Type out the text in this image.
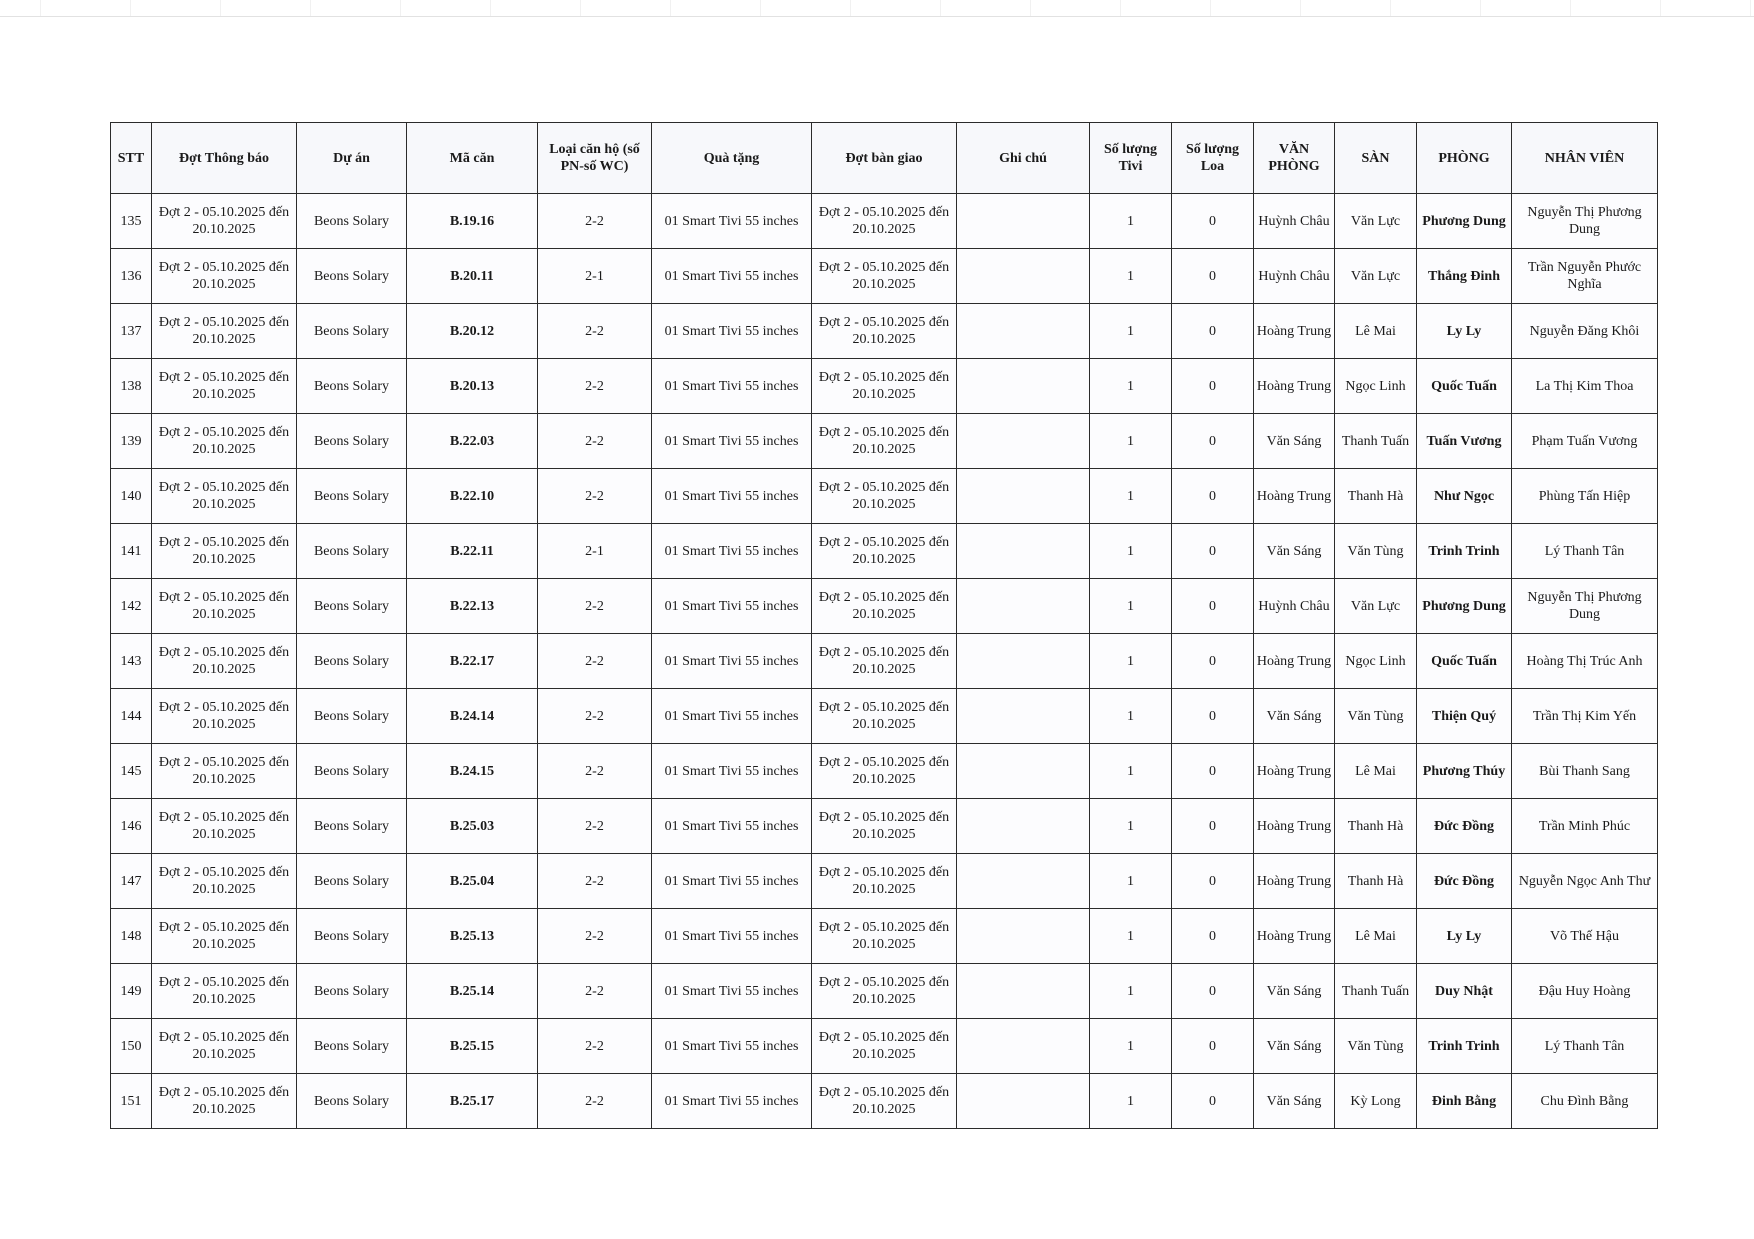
STT	Đợt Thông báo	Dự án	Mã căn	Loại căn hộ (số PN-số WC)	Quà tặng	Đợt bàn giao	Ghi chú	Số lượng Tivi	Số lượng Loa	VĂN PHÒNG	SÀN	PHÒNG	NHÂN VIÊN
135	Đợt 2 - 05.10.2025 đến 20.10.2025	Beons Solary	B.19.16	2-2	01 Smart Tivi 55 inches	Đợt 2 - 05.10.2025 đến 20.10.2025		1	0	Huỳnh Châu	Văn Lực	Phương Dung	Nguyễn Thị Phương Dung
136	Đợt 2 - 05.10.2025 đến 20.10.2025	Beons Solary	B.20.11	2-1	01 Smart Tivi 55 inches	Đợt 2 - 05.10.2025 đến 20.10.2025		1	0	Huỳnh Châu	Văn Lực	Thắng Đinh	Trần Nguyễn Phước Nghĩa
137	Đợt 2 - 05.10.2025 đến 20.10.2025	Beons Solary	B.20.12	2-2	01 Smart Tivi 55 inches	Đợt 2 - 05.10.2025 đến 20.10.2025		1	0	Hoàng Trung	Lê Mai	Ly Ly	Nguyễn Đăng Khôi
138	Đợt 2 - 05.10.2025 đến 20.10.2025	Beons Solary	B.20.13	2-2	01 Smart Tivi 55 inches	Đợt 2 - 05.10.2025 đến 20.10.2025		1	0	Hoàng Trung	Ngọc Linh	Quốc Tuấn	La Thị Kim Thoa
139	Đợt 2 - 05.10.2025 đến 20.10.2025	Beons Solary	B.22.03	2-2	01 Smart Tivi 55 inches	Đợt 2 - 05.10.2025 đến 20.10.2025		1	0	Văn Sáng	Thanh Tuấn	Tuấn Vương	Phạm Tuấn Vương
140	Đợt 2 - 05.10.2025 đến 20.10.2025	Beons Solary	B.22.10	2-2	01 Smart Tivi 55 inches	Đợt 2 - 05.10.2025 đến 20.10.2025		1	0	Hoàng Trung	Thanh Hà	Như Ngọc	Phùng Tấn Hiệp
141	Đợt 2 - 05.10.2025 đến 20.10.2025	Beons Solary	B.22.11	2-1	01 Smart Tivi 55 inches	Đợt 2 - 05.10.2025 đến 20.10.2025		1	0	Văn Sáng	Văn Tùng	Trinh Trinh	Lý Thanh Tân
142	Đợt 2 - 05.10.2025 đến 20.10.2025	Beons Solary	B.22.13	2-2	01 Smart Tivi 55 inches	Đợt 2 - 05.10.2025 đến 20.10.2025		1	0	Huỳnh Châu	Văn Lực	Phương Dung	Nguyễn Thị Phương Dung
143	Đợt 2 - 05.10.2025 đến 20.10.2025	Beons Solary	B.22.17	2-2	01 Smart Tivi 55 inches	Đợt 2 - 05.10.2025 đến 20.10.2025		1	0	Hoàng Trung	Ngọc Linh	Quốc Tuấn	Hoàng Thị Trúc Anh
144	Đợt 2 - 05.10.2025 đến 20.10.2025	Beons Solary	B.24.14	2-2	01 Smart Tivi 55 inches	Đợt 2 - 05.10.2025 đến 20.10.2025		1	0	Văn Sáng	Văn Tùng	Thiện Quý	Trần Thị Kim Yến
145	Đợt 2 - 05.10.2025 đến 20.10.2025	Beons Solary	B.24.15	2-2	01 Smart Tivi 55 inches	Đợt 2 - 05.10.2025 đến 20.10.2025		1	0	Hoàng Trung	Lê Mai	Phương Thúy	Bùi Thanh Sang
146	Đợt 2 - 05.10.2025 đến 20.10.2025	Beons Solary	B.25.03	2-2	01 Smart Tivi 55 inches	Đợt 2 - 05.10.2025 đến 20.10.2025		1	0	Hoàng Trung	Thanh Hà	Đức Đồng	Trần Minh Phúc
147	Đợt 2 - 05.10.2025 đến 20.10.2025	Beons Solary	B.25.04	2-2	01 Smart Tivi 55 inches	Đợt 2 - 05.10.2025 đến 20.10.2025		1	0	Hoàng Trung	Thanh Hà	Đức Đồng	Nguyễn Ngọc Anh Thư
148	Đợt 2 - 05.10.2025 đến 20.10.2025	Beons Solary	B.25.13	2-2	01 Smart Tivi 55 inches	Đợt 2 - 05.10.2025 đến 20.10.2025		1	0	Hoàng Trung	Lê Mai	Ly Ly	Võ Thế Hậu
149	Đợt 2 - 05.10.2025 đến 20.10.2025	Beons Solary	B.25.14	2-2	01 Smart Tivi 55 inches	Đợt 2 - 05.10.2025 đến 20.10.2025		1	0	Văn Sáng	Thanh Tuấn	Duy Nhật	Đậu Huy Hoàng
150	Đợt 2 - 05.10.2025 đến 20.10.2025	Beons Solary	B.25.15	2-2	01 Smart Tivi 55 inches	Đợt 2 - 05.10.2025 đến 20.10.2025		1	0	Văn Sáng	Văn Tùng	Trinh Trinh	Lý Thanh Tân
151	Đợt 2 - 05.10.2025 đến 20.10.2025	Beons Solary	B.25.17	2-2	01 Smart Tivi 55 inches	Đợt 2 - 05.10.2025 đến 20.10.2025		1	0	Văn Sáng	Kỳ Long	Đinh Bằng	Chu Đình Bằng
